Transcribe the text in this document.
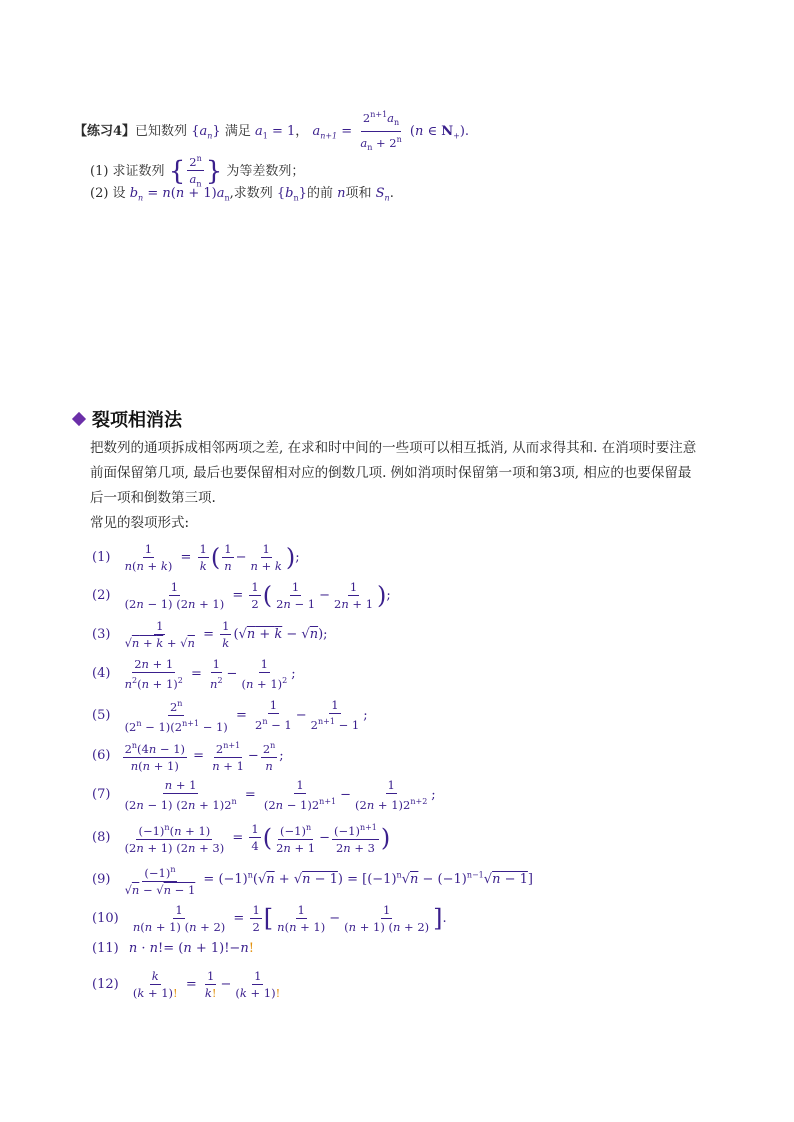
【练习4】已知数列 $\{a_n\}$ 满足 $a_1 = 1$， $a_{n+1} = \frac{2^{n+1}a_n}{a_n + 2^n} (n$ ∈ $N_+$).
(1) 求证数列 { $\frac{2^n}{a_n}$ } 为等差数列；
(2) 设 $b_n = n(n + 1)a_n$,求数列 $\{b_n\}$的前 n项和 $S_n$.
裂项相消法
把数列的通项拆成相邻两项之差, 在求和时中间的一些项可以相互抵消, 从而求得其和. 在消项时要注意
前面保留第几项, 最后也要保留相对应的倒数几项. 例如消项时保留第一项和第3项, 相应的也要保留最
后一项和倒数第三项.
常见的裂项形式:
$(1) \frac{1}{n(n + k)} = \frac{1}{k}$ ( $\frac{1}{n} - \frac{1}{n + k}$ );
$(2) \frac{1}{(2n - 1) (2n + 1)} = \frac{1}{2}$ ( $\frac{1}{2n - 1} - \frac{1}{2n + 1}$ );
$(3) \frac{1}{√n + k + √n} = \frac{1}{k} (√n + k - √n)$;
$(4) \frac{2n + 1}{n^2(n + 1)^2} = \frac{1}{n^2} - \frac{1}{(n + 1)^2}$ ;
$(5) \frac{2^n}{(2^n - 1)(2^{n+1} - 1)} = \frac{1}{2^n - 1} - \frac{1}{2^{n+1} - 1}$ ;
$(6) \frac{2^n(4n - 1)}{n(n + 1)} = \frac{2^{n+1}}{n + 1} - \frac{2^n}{n}$ ;
$(7) \frac{n + 1}{(2n - 1) (2n + 1)2^n} = \frac{1}{(2n - 1)2^{n+1}} - \frac{1}{(2n + 1)2^{n+2}}$ ;
$(8) \frac{(-1)^n(n + 1)}{(2n + 1) (2n + 3)} = \frac{1}{4}$ ( $\frac{(-1)^n}{2n + 1} - \frac{(-1)^{n+1}}{2n + 3}$ )
$(9) \frac{(-1)^n}{√n - √n - 1} = (-1)^n(√n + √n - 1) = [(-1)^n√n - (-1)^{n-1}√n - 1]$
$(10) \frac{1}{n(n + 1) (n + 2)} = \frac{1}{2}$ [ $\frac{1}{n(n + 1)} - \frac{1}{(n + 1) (n + 2)}$ ].
(11) n · n!= (n + 1)!−n!
$(12) \frac{k}{(k + 1)!} = \frac{1}{k!} - \frac{1}{(k + 1)!}$
